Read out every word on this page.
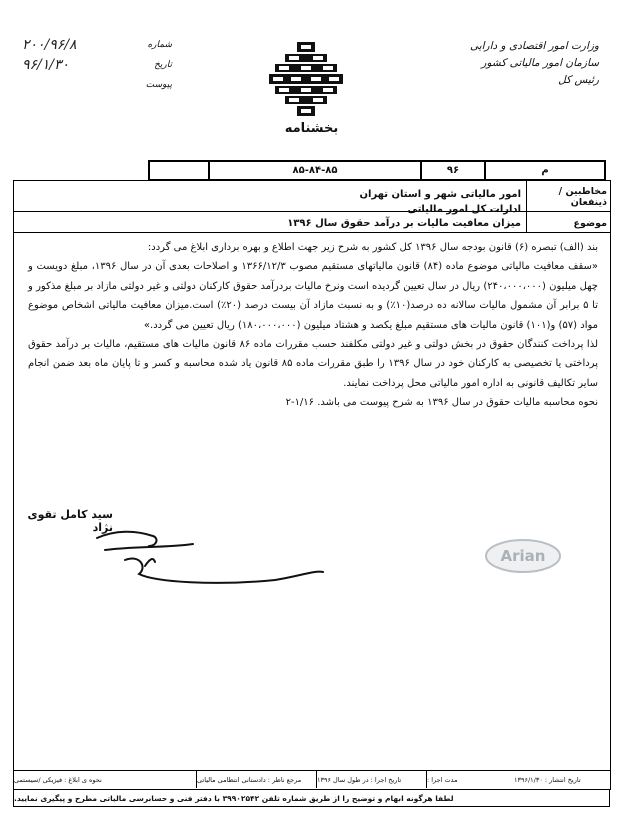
وزارت امور اقتصادی و دارایی
سازمان امور مالیاتی کشور
رئیس کل
بخشنامه
۲۰۰/۹۶/۸	شماره
۹۶/۱/۳۰	تاریخ
پیوست
۸۵-۸۴-۸۵	۹۶	م
مخاطبین / ذینفعان
امور مالیاتی شهر و استان تهران
ادارات کل امور مالیاتی
موضوع
میزان معافیت مالیات بر درآمد حقوق سال ۱۳۹۶

بند (الف) تبصره (۶) قانون بودجه سال ۱۳۹۶ کل کشور به شرح زیر جهت اطلاع و بهره برداری ابلاغ می گردد:

«سقف معافیت مالیاتی موضوع ماده (۸۴) قانون مالیاتهای مستقیم مصوب ۱۳۶۶/۱۲/۳ و اصلاحات بعدی آن در سال ۱۳۹۶، مبلغ دویست و چهل میلیون (۲۴۰،۰۰۰،۰۰۰) ریال در سال تعیین گردیده است ونرخ مالیات بردرآمد حقوق کارکنان دولتی و غیر دولتی مازاد بر مبلغ مذکور و تا ۵ برابر آن مشمول مالیات سالانه ده درصد(۱۰٪) و به نسبت مازاد آن بیست درصد (۲۰٪) است.میزان معافیت مالیاتی اشخاص موضوع مواد (۵۷) و(۱۰۱) قانون مالیات های مستقیم مبلغ یکصد و هشتاد میلیون (۱۸۰،۰۰۰،۰۰۰) ریال تعیین می گردد.»

لذا پرداخت کنندگان حقوق در بخش دولتی و غیر دولتی مکلفند حسب مقررات ماده ۸۶ قانون مالیات های مستقیم، مالیات بر درآمد حقوق پرداختی یا تخصیصی به کارکنان خود در سال ۱۳۹۶ را طبق مقررات ماده ۸۵ قانون یاد شده محاسبه و کسر و تا پایان ماه بعد ضمن انجام سایر تکالیف قانونی به اداره امور مالیاتی محل پرداخت نمایند.

نحوه محاسبه مالیات حقوق در سال ۱۳۹۶ به شرح پیوست می باشد. ۱/۱۶-۲

سید کامل تقوی نژاد
Arian
تاریخ انتشار : ۱۳۹۶/۱/۳۰
مدت اجرا :
تاریخ اجرا : در طول سال ۱۳۹۶
مرجع ناظر : دادستانی انتظامی مالیاتی
نحوه ی ابلاغ : فیزیکی /سیستمی
لطفا هرگونه ابهام و توضیح را از طریق شماره تلفن ۳۹۹۰۲۵۴۲ با دفتر فنی و حسابرسی مالیاتی مطرح و پیگیری نمایید.
